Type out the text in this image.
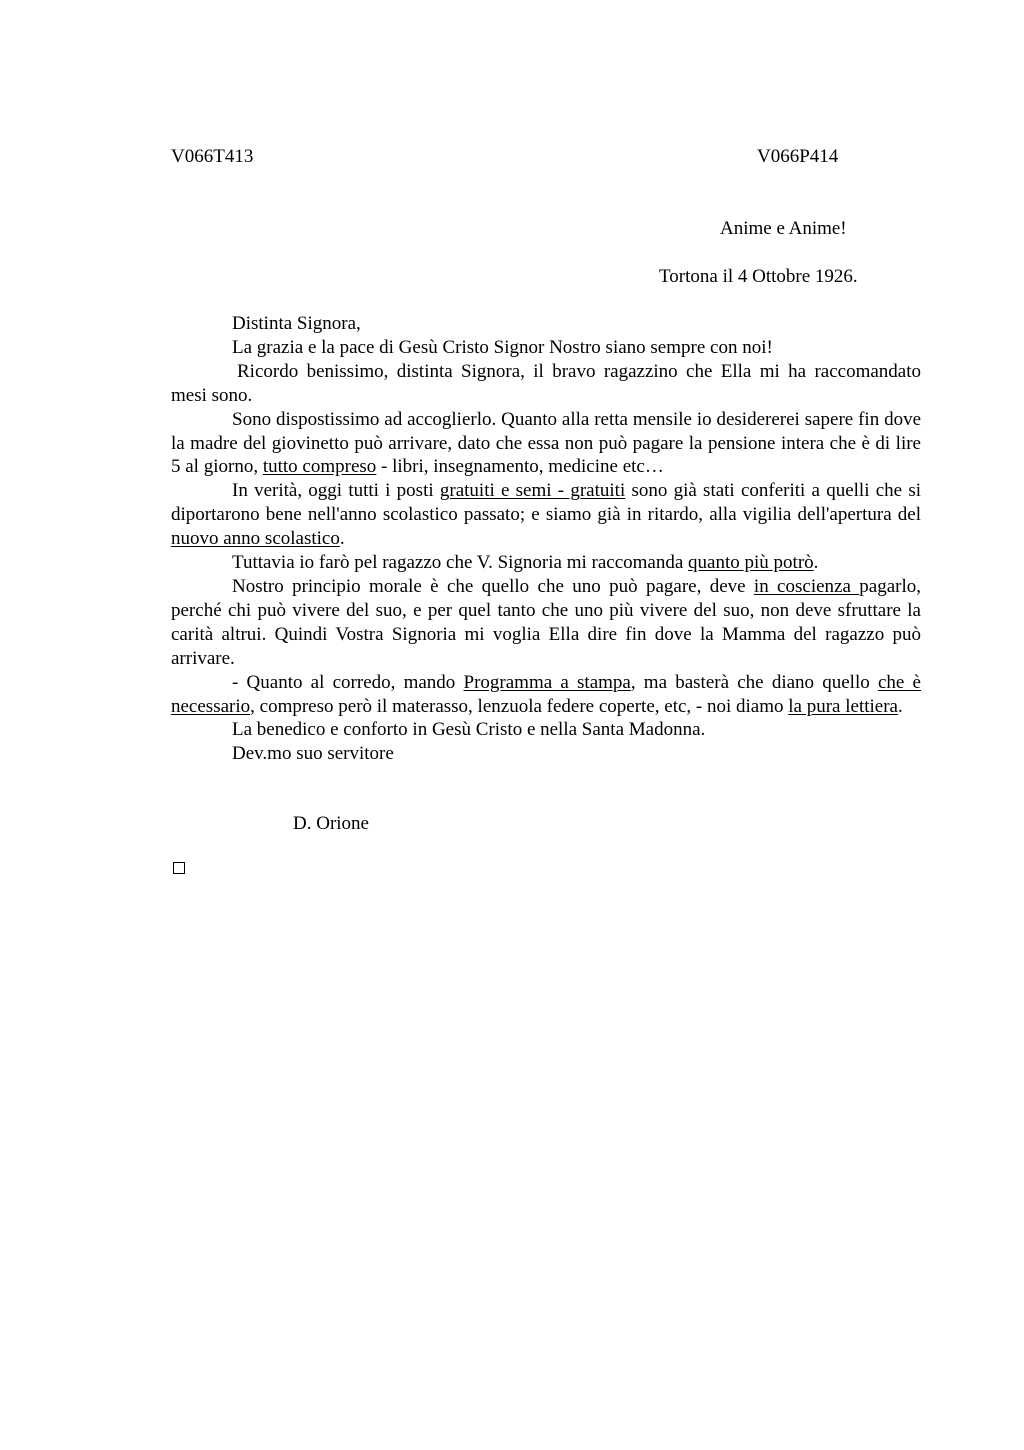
V066T413	V066P414
Anime e Anime!
Tortona il 4 Ottobre 1926.

Distinta Signora,

La grazia e la pace di Gesù Cristo Signor Nostro siano sempre con noi!

Ricordo benissimo, distinta Signora, il bravo ragazzino che Ella mi ha raccomandato mesi sono.

Sono dispostissimo ad accoglierlo. Quanto alla retta mensile io desidererei sapere fin dove la madre del giovinetto può arrivare, dato che essa non può pagare la pensione intera che è di lire 5 al giorno, tutto compreso - libri, insegnamento, medicine etc…

In verità, oggi tutti i posti gratuiti e semi - gratuiti sono già stati conferiti a quelli che si diportarono bene nell'anno scolastico passato; e siamo già in ritardo, alla vigilia dell'apertura del nuovo anno scolastico.

Tuttavia io farò pel ragazzo che V. Signoria mi raccomanda quanto più potrò.

Nostro principio morale è che quello che uno può pagare, deve in coscienza pagarlo, perché chi può vivere del suo, e per quel tanto che uno più vivere del suo, non deve sfruttare la carità altrui. Quindi Vostra Signoria mi voglia Ella dire fin dove la Mamma del ragazzo può arrivare.

- Quanto al corredo, mando Programma a stampa, ma basterà che diano quello che è necessario, compreso però il materasso, lenzuola federe coperte, etc, - noi diamo la pura lettiera.

La benedico e conforto in Gesù Cristo e nella Santa Madonna.

Dev.mo suo servitore

D. Orione
